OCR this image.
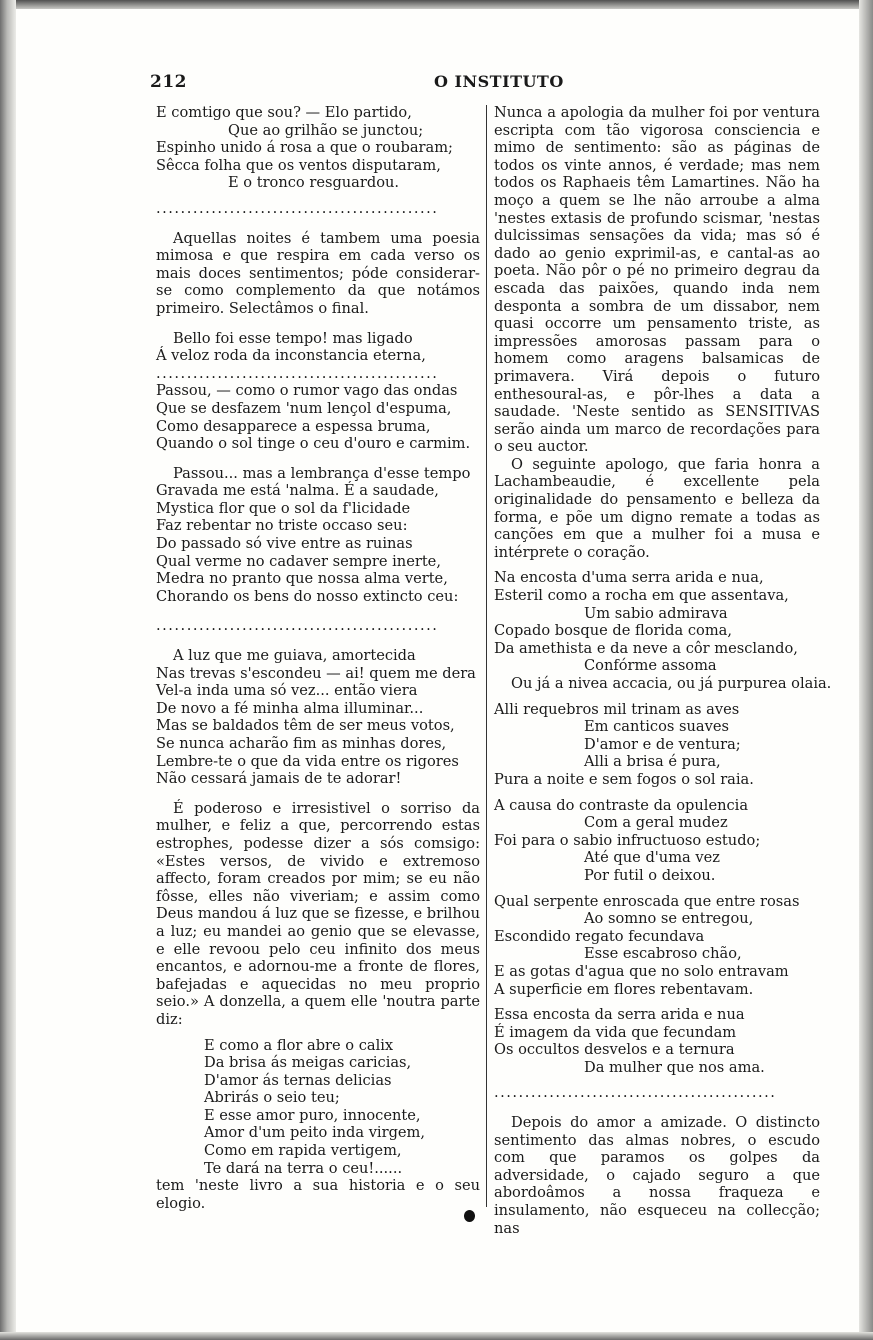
212	O INSTITUTO
E comtigo que sou? — Elo partido,
Que ao grilhão se junctou;
Espinho unido á rosa a que o roubaram;
Sêcca folha que os ventos disputaram,
E o tronco resguardou.
..............................................

Aquellas noites é tambem uma poesia mimosa e que respira em cada verso os mais doces sentimentos; póde considerar-se como complemento da que notámos primeiro. Selectâmos o final.

Bello foi esse tempo! mas ligado
Á veloz roda da inconstancia eterna,
..............................................
Passou, — como o rumor vago das ondas
Que se desfazem 'num lençol d'espuma,
Como desapparece a espessa bruma,
Quando o sol tinge o ceu d'ouro e carmim.
Passou... mas a lembrança d'esse tempo
Gravada me está 'nalma. É a saudade,
Mystica flor que o sol da f'licidade
Faz rebentar no triste occaso seu:
Do passado só vive entre as ruinas
Qual verme no cadaver sempre inerte,
Medra no pranto que nossa alma verte,
Chorando os bens do nosso extincto ceu:
..............................................
A luz que me guiava, amortecida
Nas trevas s'escondeu — ai! quem me dera
Vel-a inda uma só vez... então viera
De novo a fé minha alma illuminar...
Mas se baldados têm de ser meus votos,
Se nunca acharão fim as minhas dores,
Lembre-te o que da vida entre os rigores
Não cessará jamais de te adorar!

É poderoso e irresistivel o sorriso da mulher, e feliz a que, percorrendo estas estrophes, podesse dizer a sós comsigo: «Estes versos, de vivido e extremoso affecto, foram creados por mim; se eu não fôsse, elles não viveriam; e assim como Deus mandou á luz que se fizesse, e brilhou a luz; eu mandei ao genio que se elevasse, e elle revoou pelo ceu infinito dos meus encantos, e adornou-me a fronte de flores, bafejadas e aquecidas no meu proprio seio.» A donzella, a quem elle 'noutra parte diz:

E como a flor abre o calix
Da brisa ás meigas caricias,
D'amor ás ternas delicias
Abrirás o seio teu;
E esse amor puro, innocente,
Amor d'um peito inda virgem,
Como em rapida vertigem,
Te dará na terra o ceu!......

tem 'neste livro a sua historia e o seu elogio.

Nunca a apologia da mulher foi por ventura escripta com tão vigorosa consciencia e mimo de sentimento: são as páginas de todos os vinte annos, é verdade; mas nem todos os Raphaeis têm Lamartines. Não ha moço a quem se lhe não arroube a alma 'nestes extasis de profundo scismar, 'nestas dulcissimas sensações da vida; mas só é dado ao genio exprimil-as, e cantal-as ao poeta. Não pôr o pé no primeiro degrau da escada das paixões, quando inda nem desponta a sombra de um dissabor, nem quasi occorre um pensamento triste, as impressões amorosas passam para o homem como aragens balsamicas de primavera. Virá depois o futuro enthesoural-as, e pôr-lhes a data a saudade. 'Neste sentido as SENSITIVAS serão ainda um marco de recordações para o seu auctor.

O seguinte apologo, que faria honra a Lachambeaudie, é excellente pela originalidade do pensamento e belleza da forma, e põe um digno remate a todas as canções em que a mulher foi a musa e intérprete o coração.

Na encosta d'uma serra arida e nua,
Esteril como a rocha em que assentava,
Um sabio admirava
Copado bosque de florida coma,
Da amethista e da neve a côr mesclando,
Confórme assoma
Ou já a nivea accacia, ou já purpurea olaia.
Alli requebros mil trinam as aves
Em canticos suaves
D'amor e de ventura;
Alli a brisa é pura,
Pura a noite e sem fogos o sol raia.
A causa do contraste da opulencia
Com a geral mudez
Foi para o sabio infructuoso estudo;
Até que d'uma vez
Por futil o deixou.
Qual serpente enroscada que entre rosas
Ao somno se entregou,
Escondido regato fecundava
Esse escabroso chão,
E as gotas d'agua que no solo entravam
A superficie em flores rebentavam.
Essa encosta da serra arida e nua
É imagem da vida que fecundam
Os occultos desvelos e a ternura
Da mulher que nos ama.
..............................................

Depois do amor a amizade. O distincto sentimento das almas nobres, o escudo com que paramos os golpes da adversidade, o cajado seguro a que abordoâmos a nossa fraqueza e insulamento, não esqueceu na collecção; nas
